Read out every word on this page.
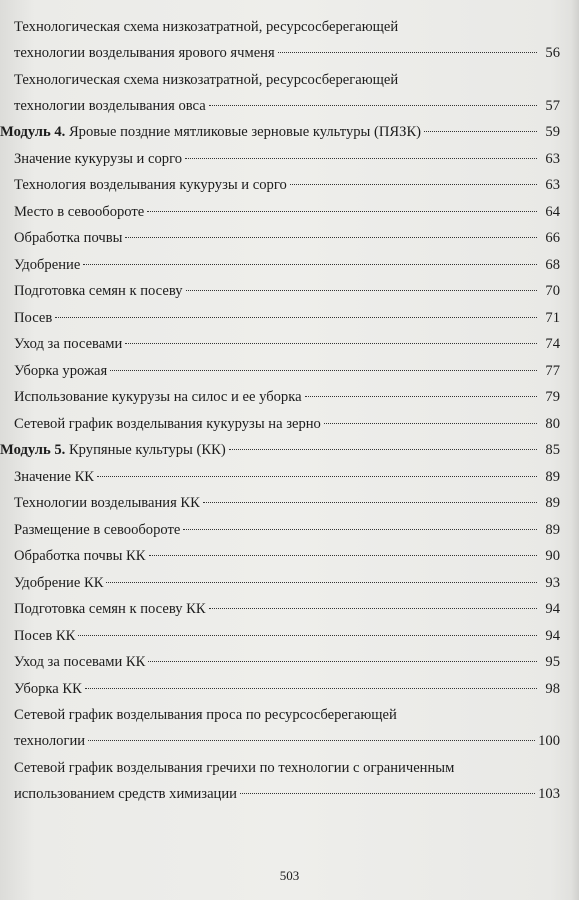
Технологическая схема низкозатратной, ресурсосберегающей
технологии возделывания ярового ячменя	56
Технологическая схема низкозатратной, ресурсосберегающей
технологии возделывания овса	57
Модуль 4. Яровые поздние мятликовые зерновые культуры (ПЯЗК)	59
Значение кукурузы и сорго	63
Технология возделывания кукурузы и сорго	63
Место в севообороте	64
Обработка почвы	66
Удобрение	68
Подготовка семян к посеву	70
Посев	71
Уход за посевами	74
Уборка урожая	77
Использование кукурузы на силос и ее уборка	79
Сетевой график возделывания кукурузы на зерно	80
Модуль 5. Крупяные культуры (КК)	85
Значение КК	89
Технологии возделывания КК	89
Размещение в севообороте	89
Обработка почвы КК	90
Удобрение КК	93
Подготовка семян к посеву КК	94
Посев КК	94
Уход за посевами КК	95
Уборка КК	98
Сетевой график возделывания проса по ресурсосберегающей
технологии	100
Сетевой график возделывания гречихи по технологии с ограниченным
использованием средств химизации	103
503
